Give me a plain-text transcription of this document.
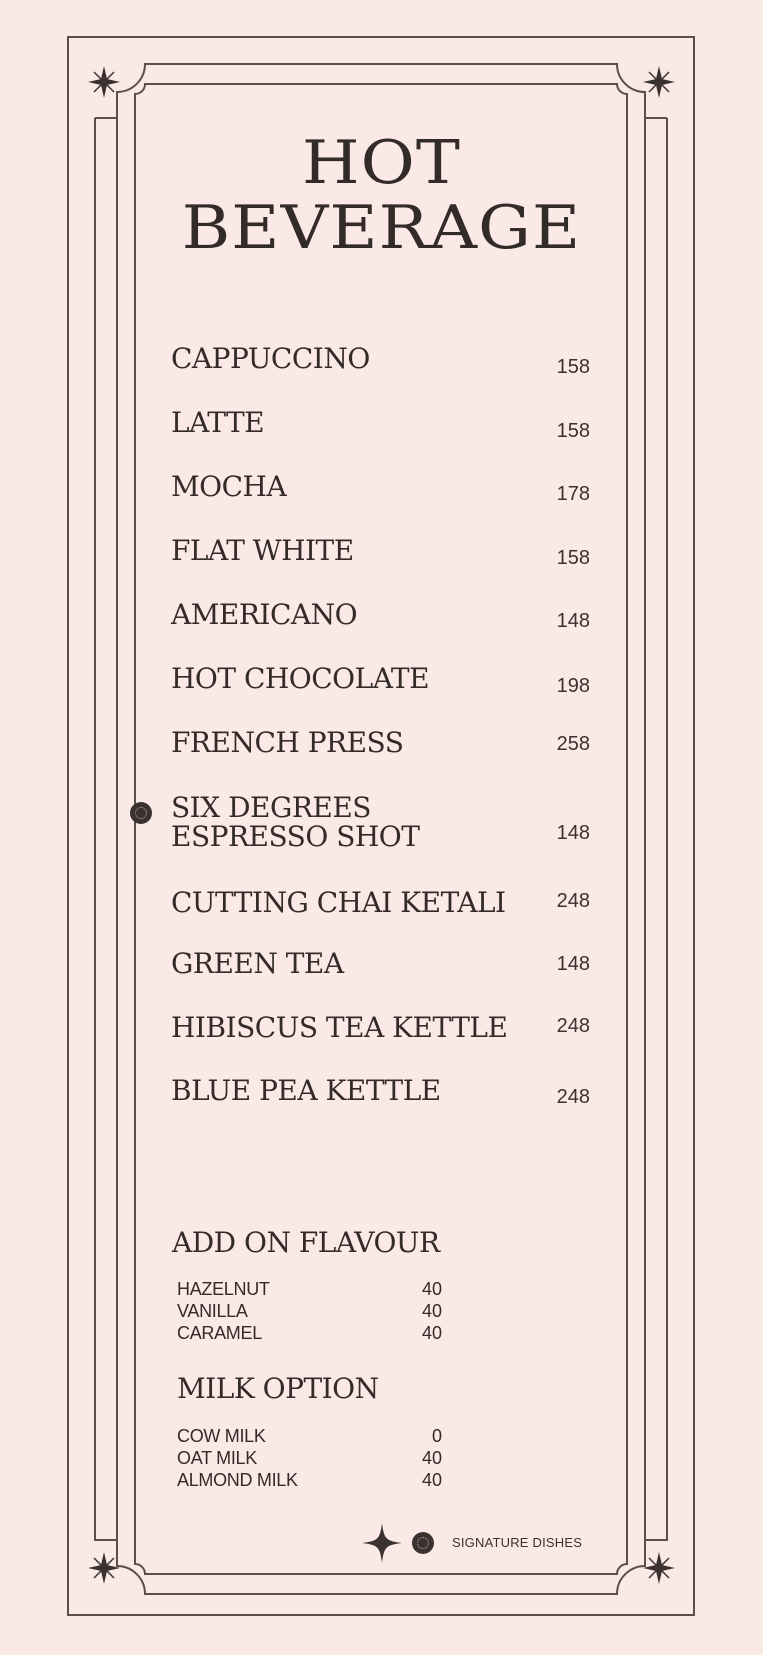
HOT
BEVERAGE
CAPPUCCINO	158
LATTE	158
MOCHA	178
FLAT WHITE	158
AMERICANO	148
HOT CHOCOLATE	198
FRENCH PRESS	258
SIX DEGREES
ESPRESSO SHOT	148
CUTTING CHAI KETALI	248
GREEN TEA	148
HIBISCUS TEA KETTLE 248
BLUE PEA KETTLE	248
ADD ON FLAVOUR
HAZELNUT	40
VANILLA	40
CARAMEL	40
MILK OPTION
COW MILK	0
OAT MILK	40
ALMOND MILK	40
SIGNATURE DISHES
